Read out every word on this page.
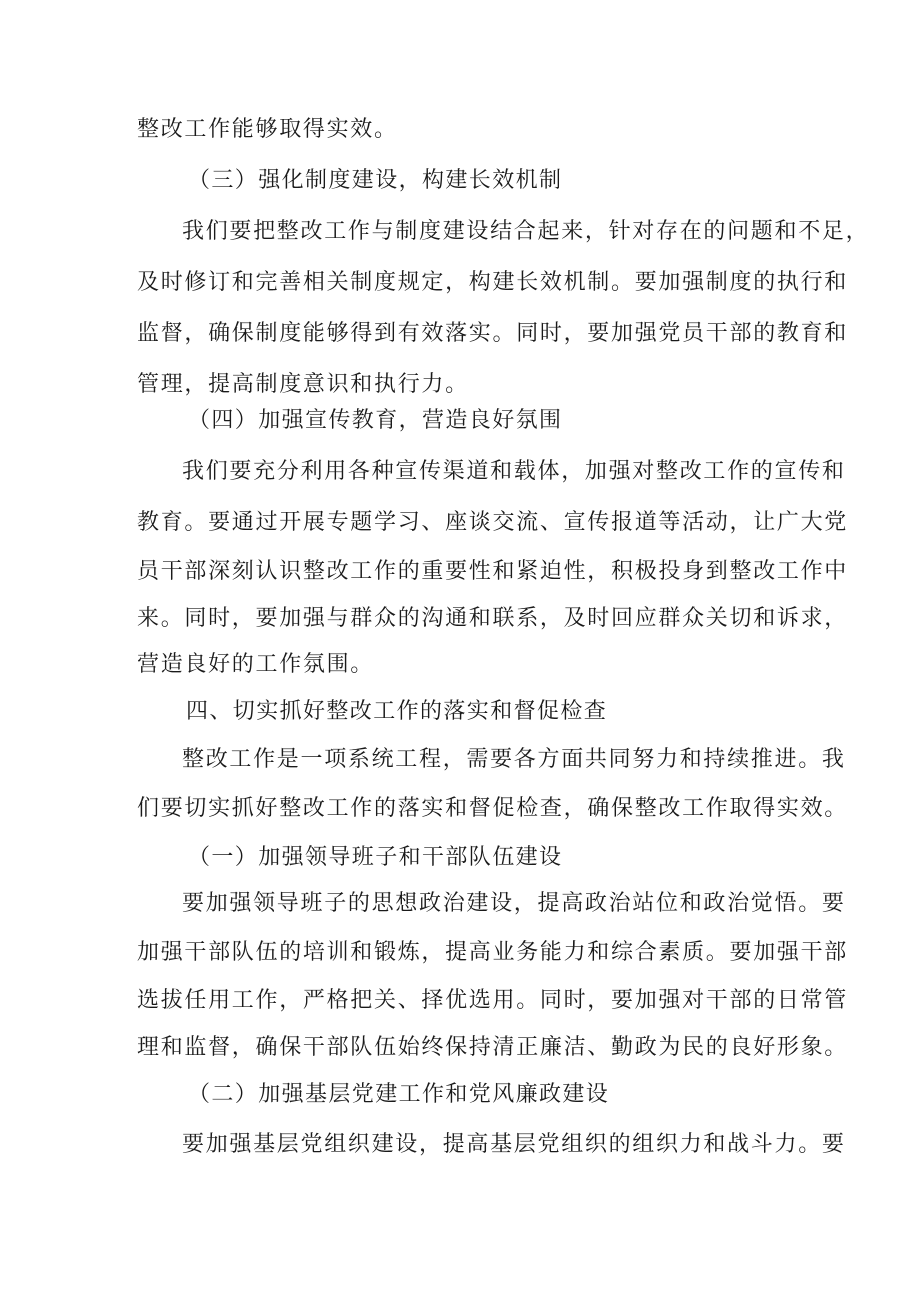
整改工作能够取得实效。
（三）强化制度建设，构建长效机制
我们要把整改工作与制度建设结合起来，针对存在的问题和不足，
及时修订和完善相关制度规定，构建长效机制。要加强制度的执行和
监督，确保制度能够得到有效落实。同时，要加强党员干部的教育和
管理，提高制度意识和执行力。
（四）加强宣传教育，营造良好氛围
我们要充分利用各种宣传渠道和载体，加强对整改工作的宣传和
教育。要通过开展专题学习、座谈交流、宣传报道等活动，让广大党
员干部深刻认识整改工作的重要性和紧迫性，积极投身到整改工作中
来。同时，要加强与群众的沟通和联系，及时回应群众关切和诉求，
营造良好的工作氛围。
四、切实抓好整改工作的落实和督促检查
整改工作是一项系统工程，需要各方面共同努力和持续推进。我
们要切实抓好整改工作的落实和督促检查，确保整改工作取得实效。
（一）加强领导班子和干部队伍建设
要加强领导班子的思想政治建设，提高政治站位和政治觉悟。要
加强干部队伍的培训和锻炼，提高业务能力和综合素质。要加强干部
选拔任用工作，严格把关、择优选用。同时，要加强对干部的日常管
理和监督，确保干部队伍始终保持清正廉洁、勤政为民的良好形象。
（二）加强基层党建工作和党风廉政建设
要加强基层党组织建设，提高基层党组织的组织力和战斗力。要
